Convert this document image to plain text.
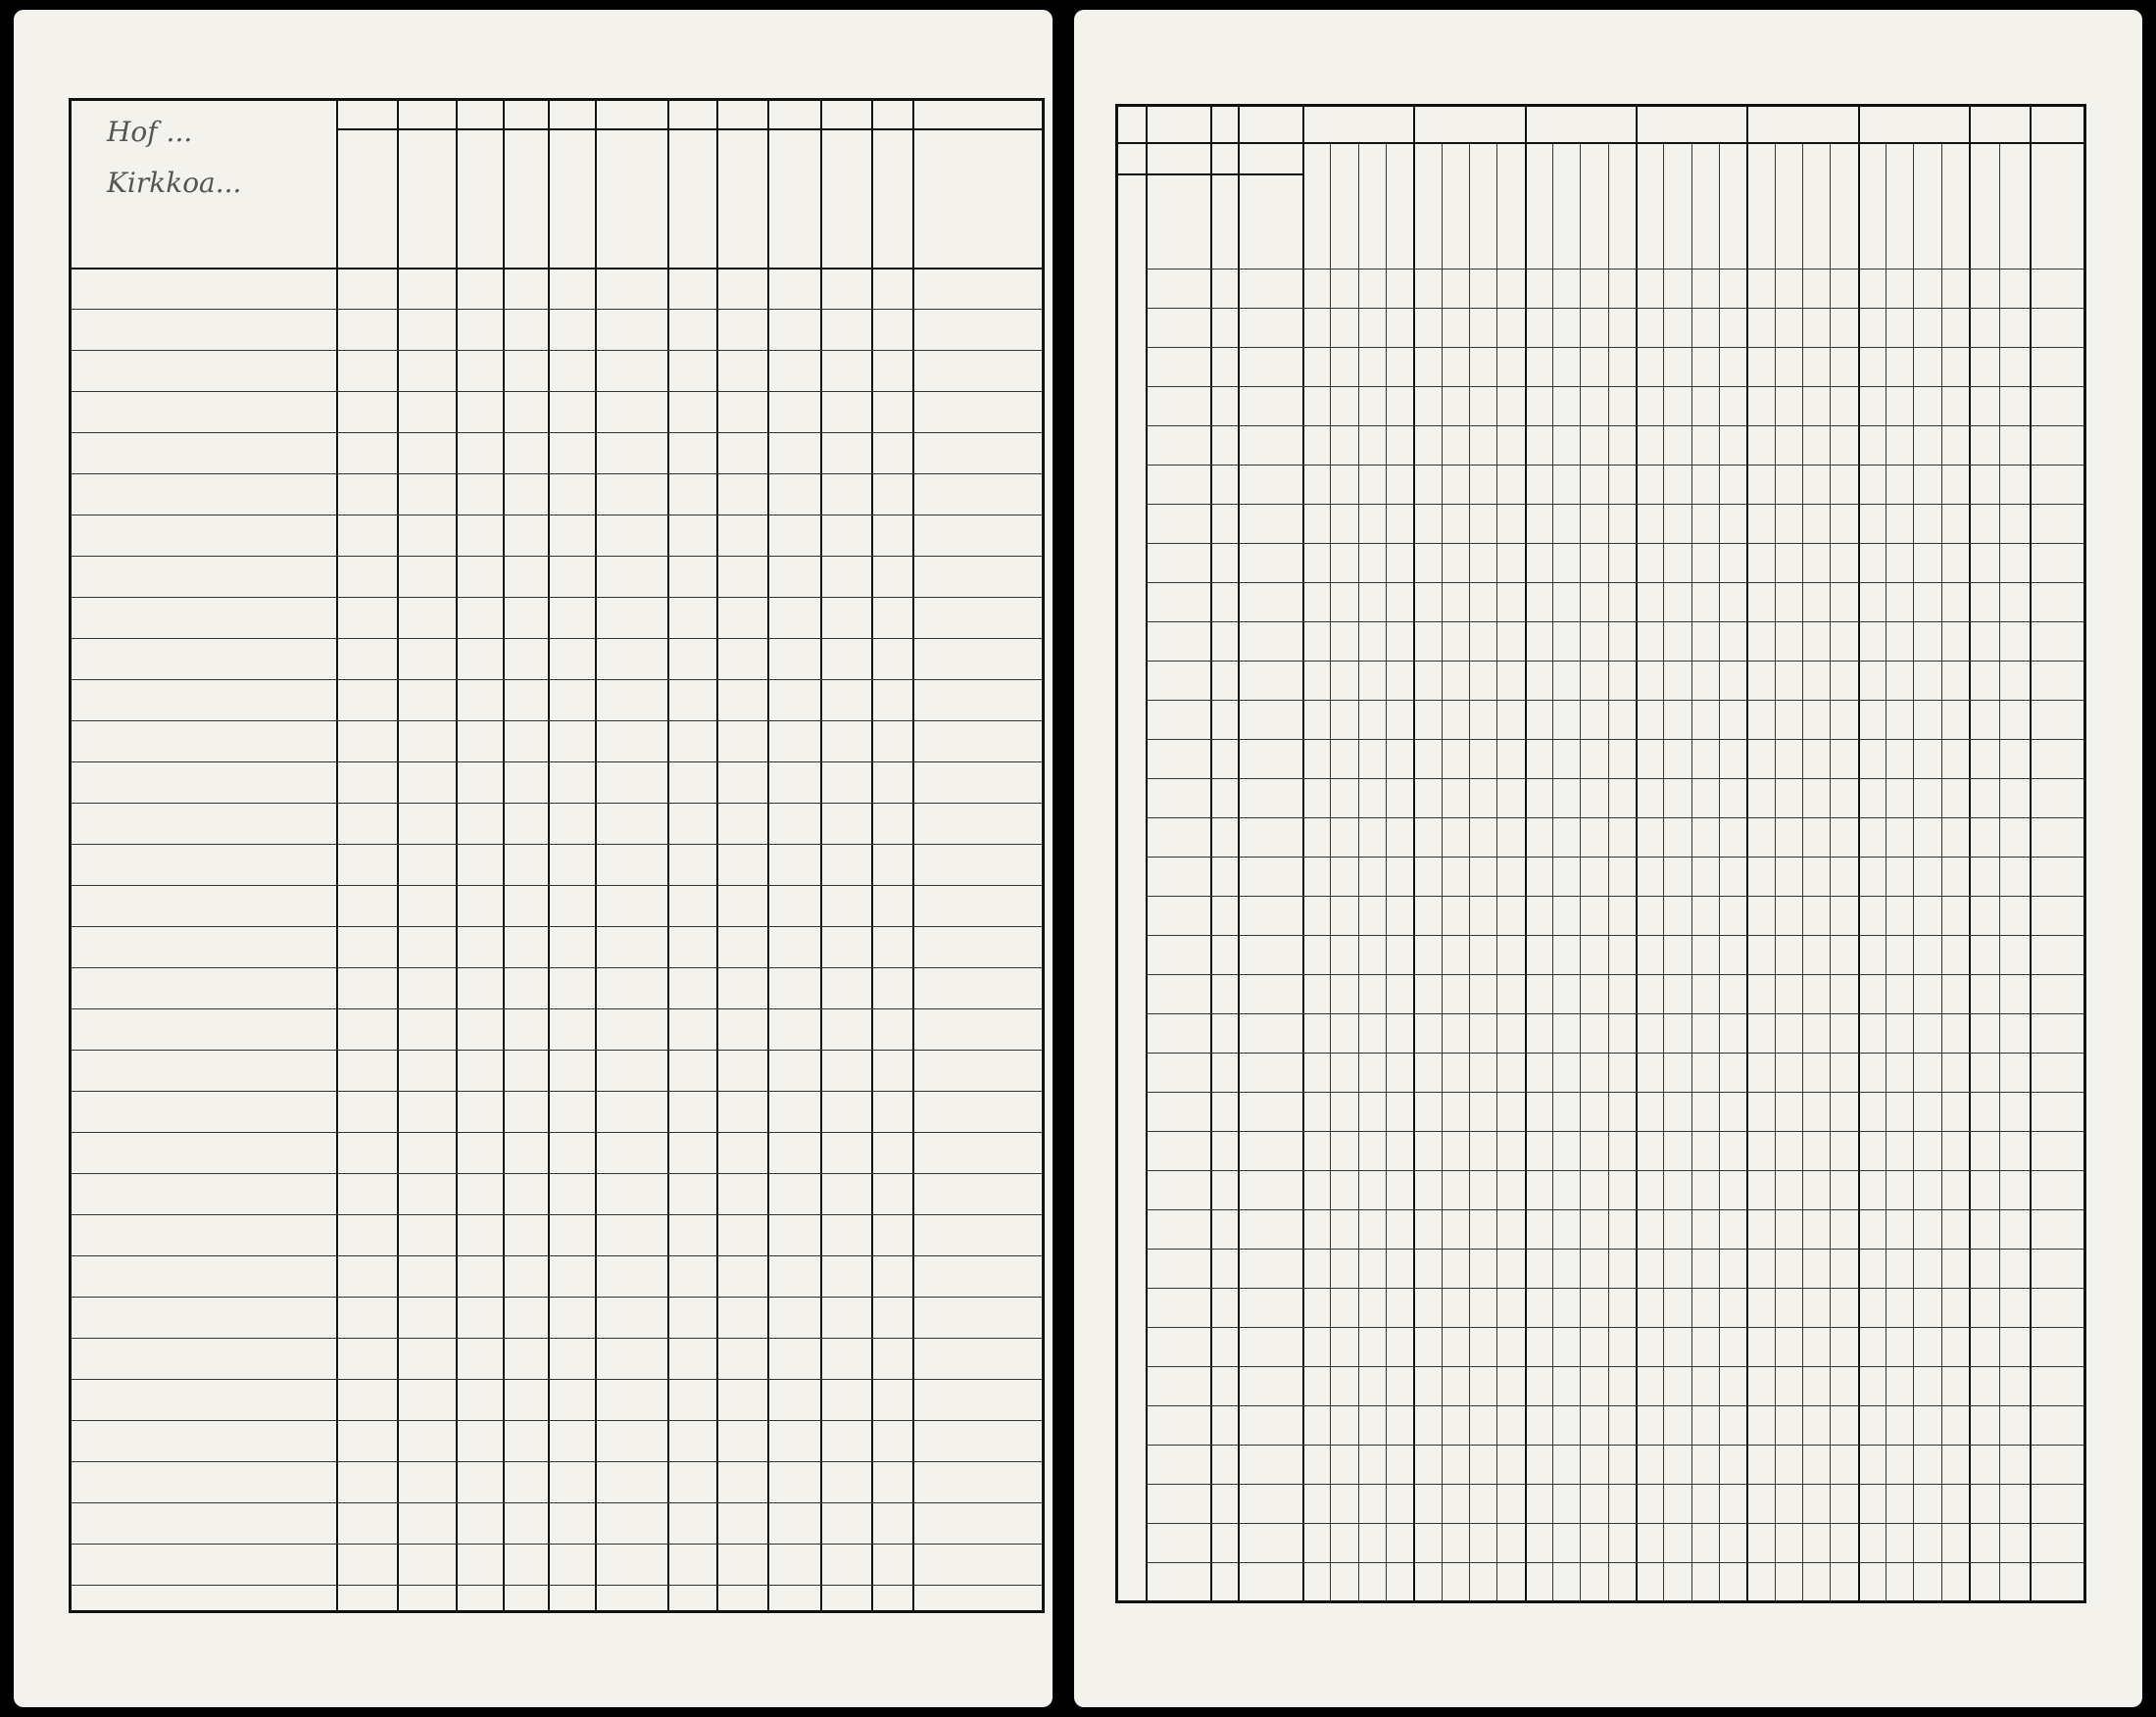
Hof ...
Kirkkoa...
